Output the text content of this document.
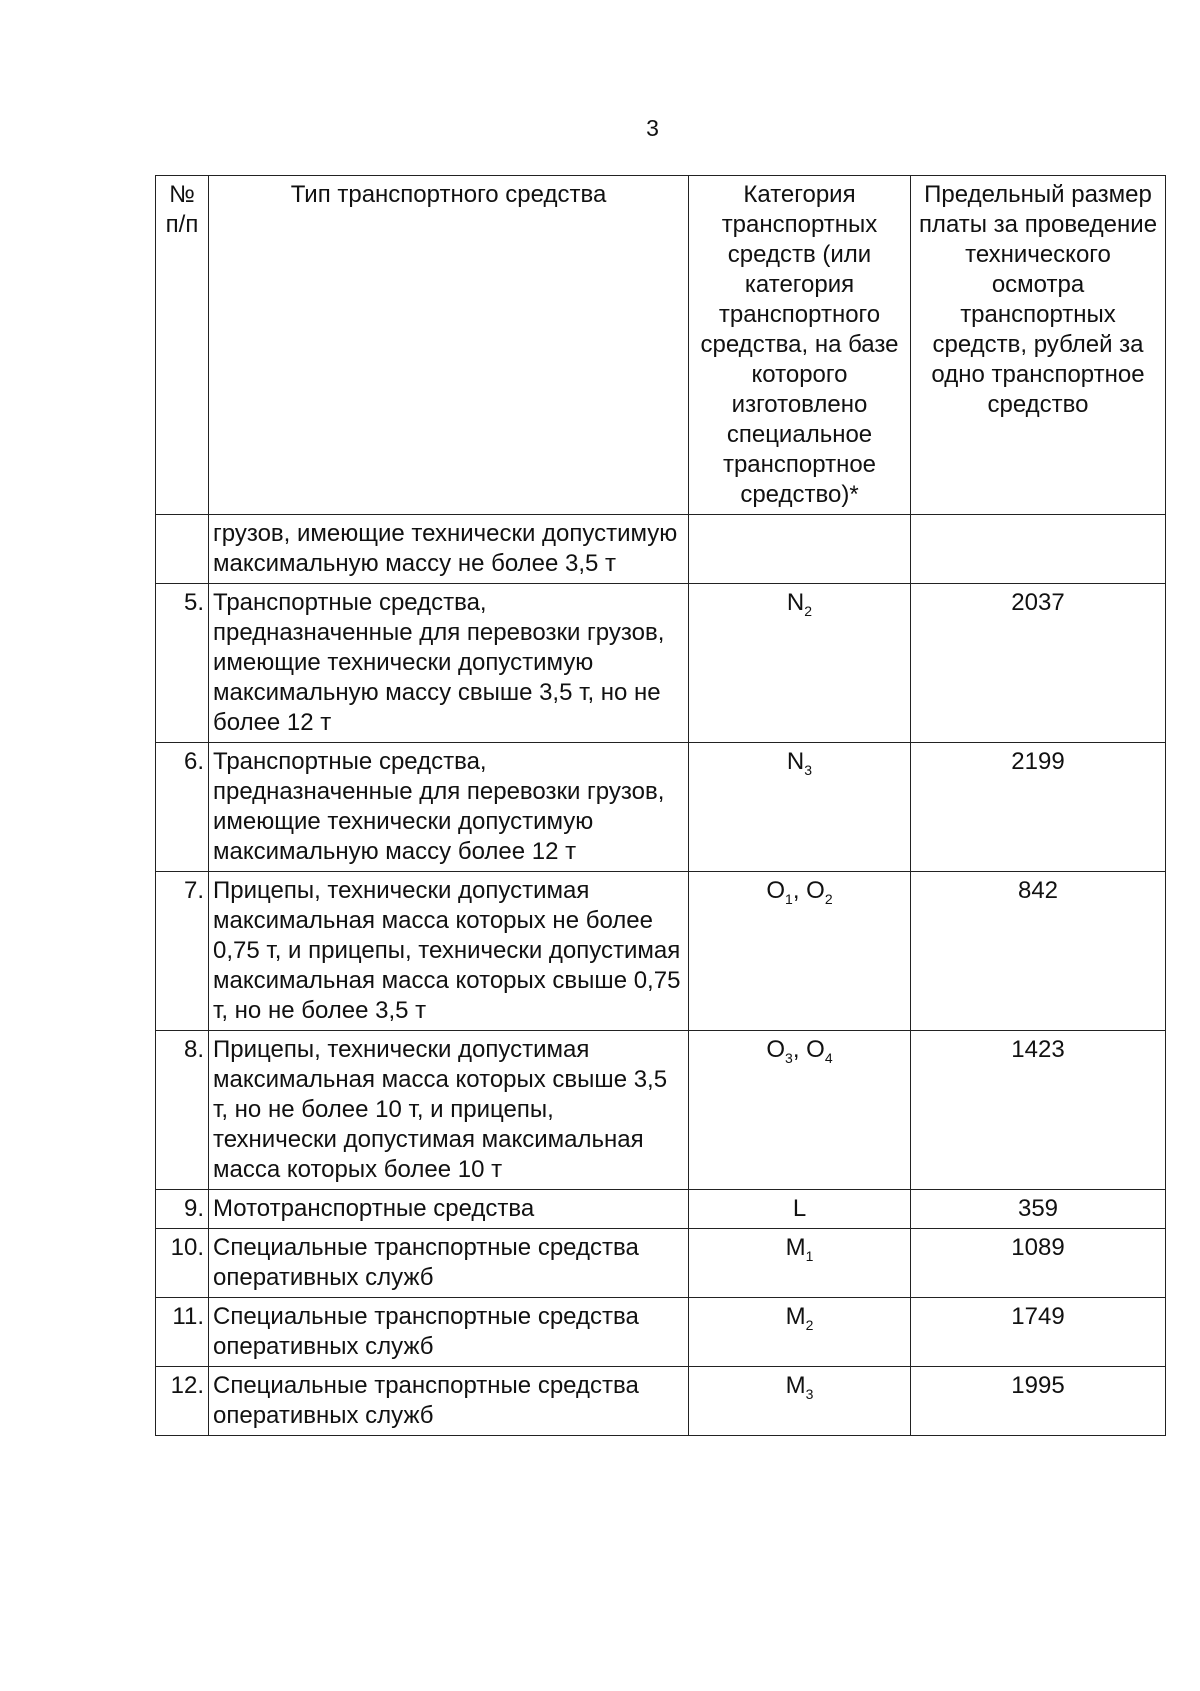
3
№ п/п	Тип транспортного средства	Категория транспортных средств (или категория транспортного средства, на базе которого изготовлено специальное транспортное средство)*	Предельный размер платы за проведение технического осмотра транспортных средств, рублей за одно транспортное средство
	грузов, имеющие технически допустимую максимальную массу не более 3,5 т		
5.	Транспортные средства, предназначенные для перевозки грузов, имеющие технически допустимую максимальную массу свыше 3,5 т, но не более 12 т	$N_2$	2037
6.	Транспортные средства, предназначенные для перевозки грузов, имеющие технически допустимую максимальную массу более 12 т	$N_3$	2199
7.	Прицепы, технически допустимая максимальная масса которых не более 0,75 т, и прицепы, технически допустимая максимальная масса которых свыше 0,75 т, но не более 3,5 т	$O_1$, $O_2$	842
8.	Прицепы, технически допустимая максимальная масса которых свыше 3,5 т, но не более 10 т, и прицепы, технически допустимая максимальная масса которых более 10 т	$O_3$, $O_4$	1423
9.	Мототранспортные средства	L	359
10.	Специальные транспортные средства оперативных служб	$M_1$	1089
11.	Специальные транспортные средства оперативных служб	$M_2$	1749
12.	Специальные транспортные средства оперативных служб	$M_3$	1995
